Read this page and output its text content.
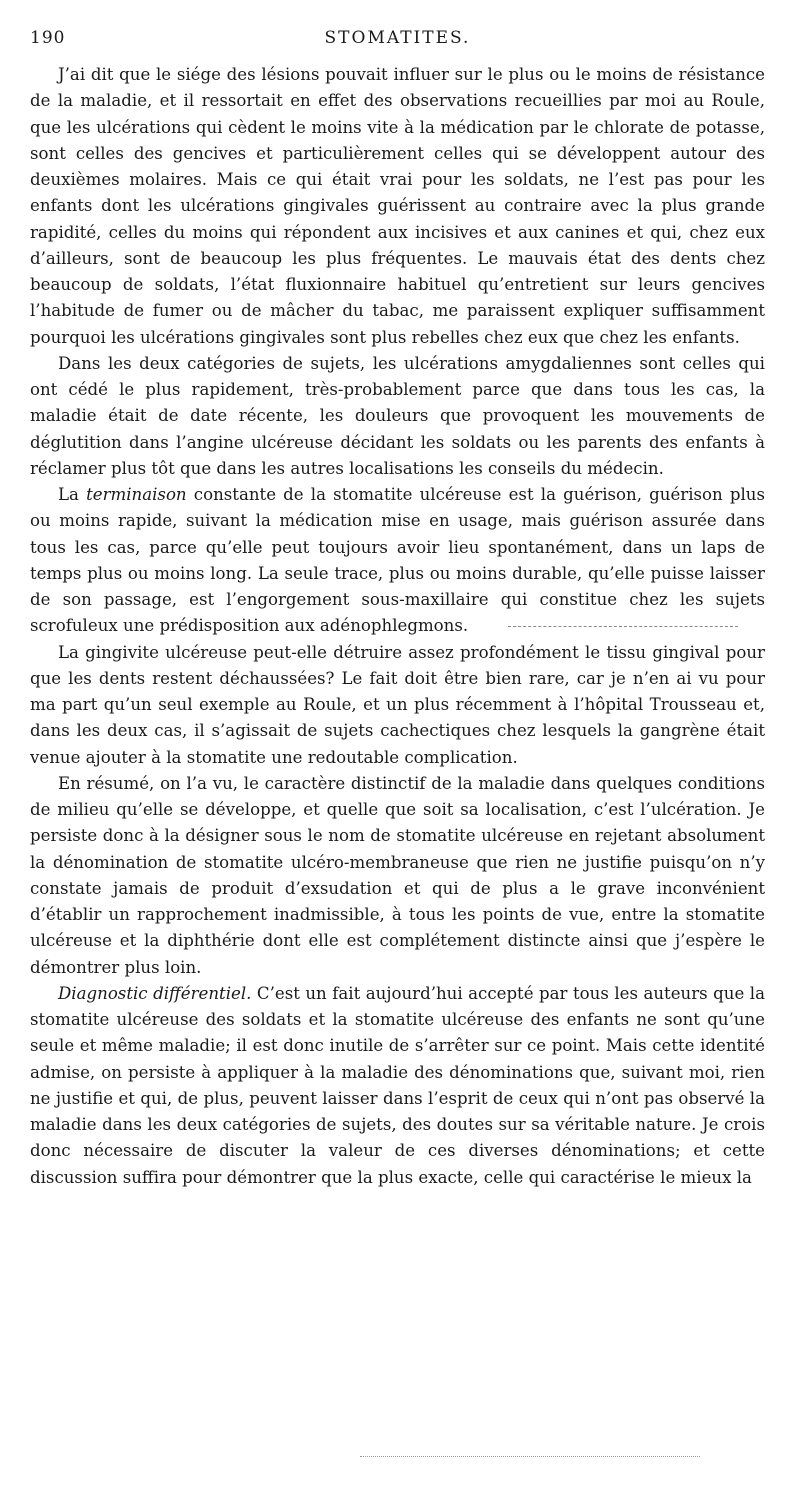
190	STOMATITES.

J’ai dit que le siége des lésions pouvait influer sur le plus ou le moins de résistance de la maladie, et il ressortait en effet des observations recueillies par moi au Roule, que les ulcérations qui cèdent le moins vite à la médication par le chlorate de potasse, sont celles des gencives et particulièrement celles qui se développent autour des deuxièmes molaires. Mais ce qui était vrai pour les soldats, ne l’est pas pour les enfants dont les ulcérations gingivales guérissent au contraire avec la plus grande rapidité, celles du moins qui répondent aux incisives et aux canines et qui, chez eux d’ailleurs, sont de beaucoup les plus fréquentes. Le mauvais état des dents chez beaucoup de soldats, l’état fluxionnaire habituel qu’entretient sur leurs gencives l’habitude de fumer ou de mâcher du tabac, me paraissent expliquer suffisamment pourquoi les ulcérations gingivales sont plus rebelles chez eux que chez les enfants.

Dans les deux catégories de sujets, les ulcérations amygdaliennes sont celles qui ont cédé le plus rapidement, très-probablement parce que dans tous les cas, la maladie était de date récente, les douleurs que provoquent les mouvements de déglutition dans l’angine ulcéreuse décidant les soldats ou les parents des enfants à réclamer plus tôt que dans les autres localisations les conseils du médecin.

La terminaison constante de la stomatite ulcéreuse est la guérison, guérison plus ou moins rapide, suivant la médication mise en usage, mais guérison assurée dans tous les cas, parce qu’elle peut toujours avoir lieu spontanément, dans un laps de temps plus ou moins long. La seule trace, plus ou moins durable, qu’elle puisse laisser de son passage, est l’engorgement sous-maxillaire qui constitue chez les sujets scrofuleux une prédisposition aux adénophlegmons.

La gingivite ulcéreuse peut-elle détruire assez profondément le tissu gingival pour que les dents restent déchaussées? Le fait doit être bien rare, car je n’en ai vu pour ma part qu’un seul exemple au Roule, et un plus récemment à l’hôpital Trousseau et, dans les deux cas, il s’agissait de sujets cachectiques chez lesquels la gangrène était venue ajouter à la stomatite une redoutable complication.

En résumé, on l’a vu, le caractère distinctif de la maladie dans quelques conditions de milieu qu’elle se développe, et quelle que soit sa localisation, c’est l’ulcération. Je persiste donc à la désigner sous le nom de stomatite ulcéreuse en rejetant absolument la dénomination de stomatite ulcéro-membraneuse que rien ne justifie puisqu’on n’y constate jamais de produit d’exsudation et qui de plus a le grave inconvénient d’établir un rapprochement inadmissible, à tous les points de vue, entre la stomatite ulcéreuse et la diphthérie dont elle est complétement distincte ainsi que j’espère le démontrer plus loin.

Diagnostic différentiel. C’est un fait aujourd’hui accepté par tous les auteurs que la stomatite ulcéreuse des soldats et la stomatite ulcéreuse des enfants ne sont qu’une seule et même maladie; il est donc inutile de s’arrêter sur ce point. Mais cette identité admise, on persiste à appliquer à la maladie des dénominations que, suivant moi, rien ne justifie et qui, de plus, peuvent laisser dans l’esprit de ceux qui n’ont pas observé la maladie dans les deux catégories de sujets, des doutes sur sa véritable nature. Je crois donc nécessaire de discuter la valeur de ces diverses dénominations; et cette discussion suffira pour démontrer que la plus exacte, celle qui caractérise le mieux la
